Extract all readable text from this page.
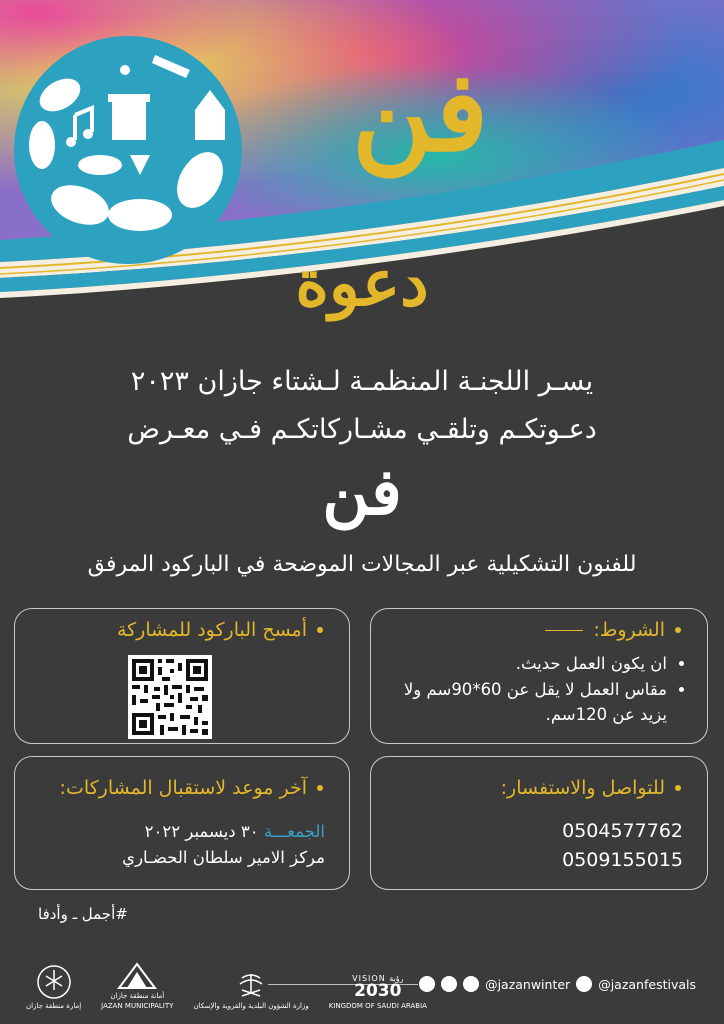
فن
دعوة
يسـر اللجنـة المنظمـة لـشتاء جازان ٢٠٢٣
دعـوتكـم وتلقـي مشـاركاتكـم فـي معـرض
فن
للفنون التشكيلية عبر المجالات الموضحة في الباركود المرفق
الشروط:
• ان يكون العمل حديث.
• مقاس العمل لا يقل عن 60*90سم ولا يزيد عن 120سم.
أمسح الباركود للمشاركة
للتواصل والاستفسار:
0504577762
0509155015
آخر موعد لاستقبال المشاركات:
الجمعـــة ٣٠ ديسمبر ٢٠٢٢
مركز الامير سلطان الحضـاري
#أجمل ـ وأدفا
@jazanwinter @jazanfestivals
إمارة منطقة جازان
أمانة منطقة جازان
JAZAN MUNICIPALITY	وزارة الشؤون البلدية والقروية والإسكان
VISION رؤية
2030
KINGDOM OF SAUDI ARABIA
